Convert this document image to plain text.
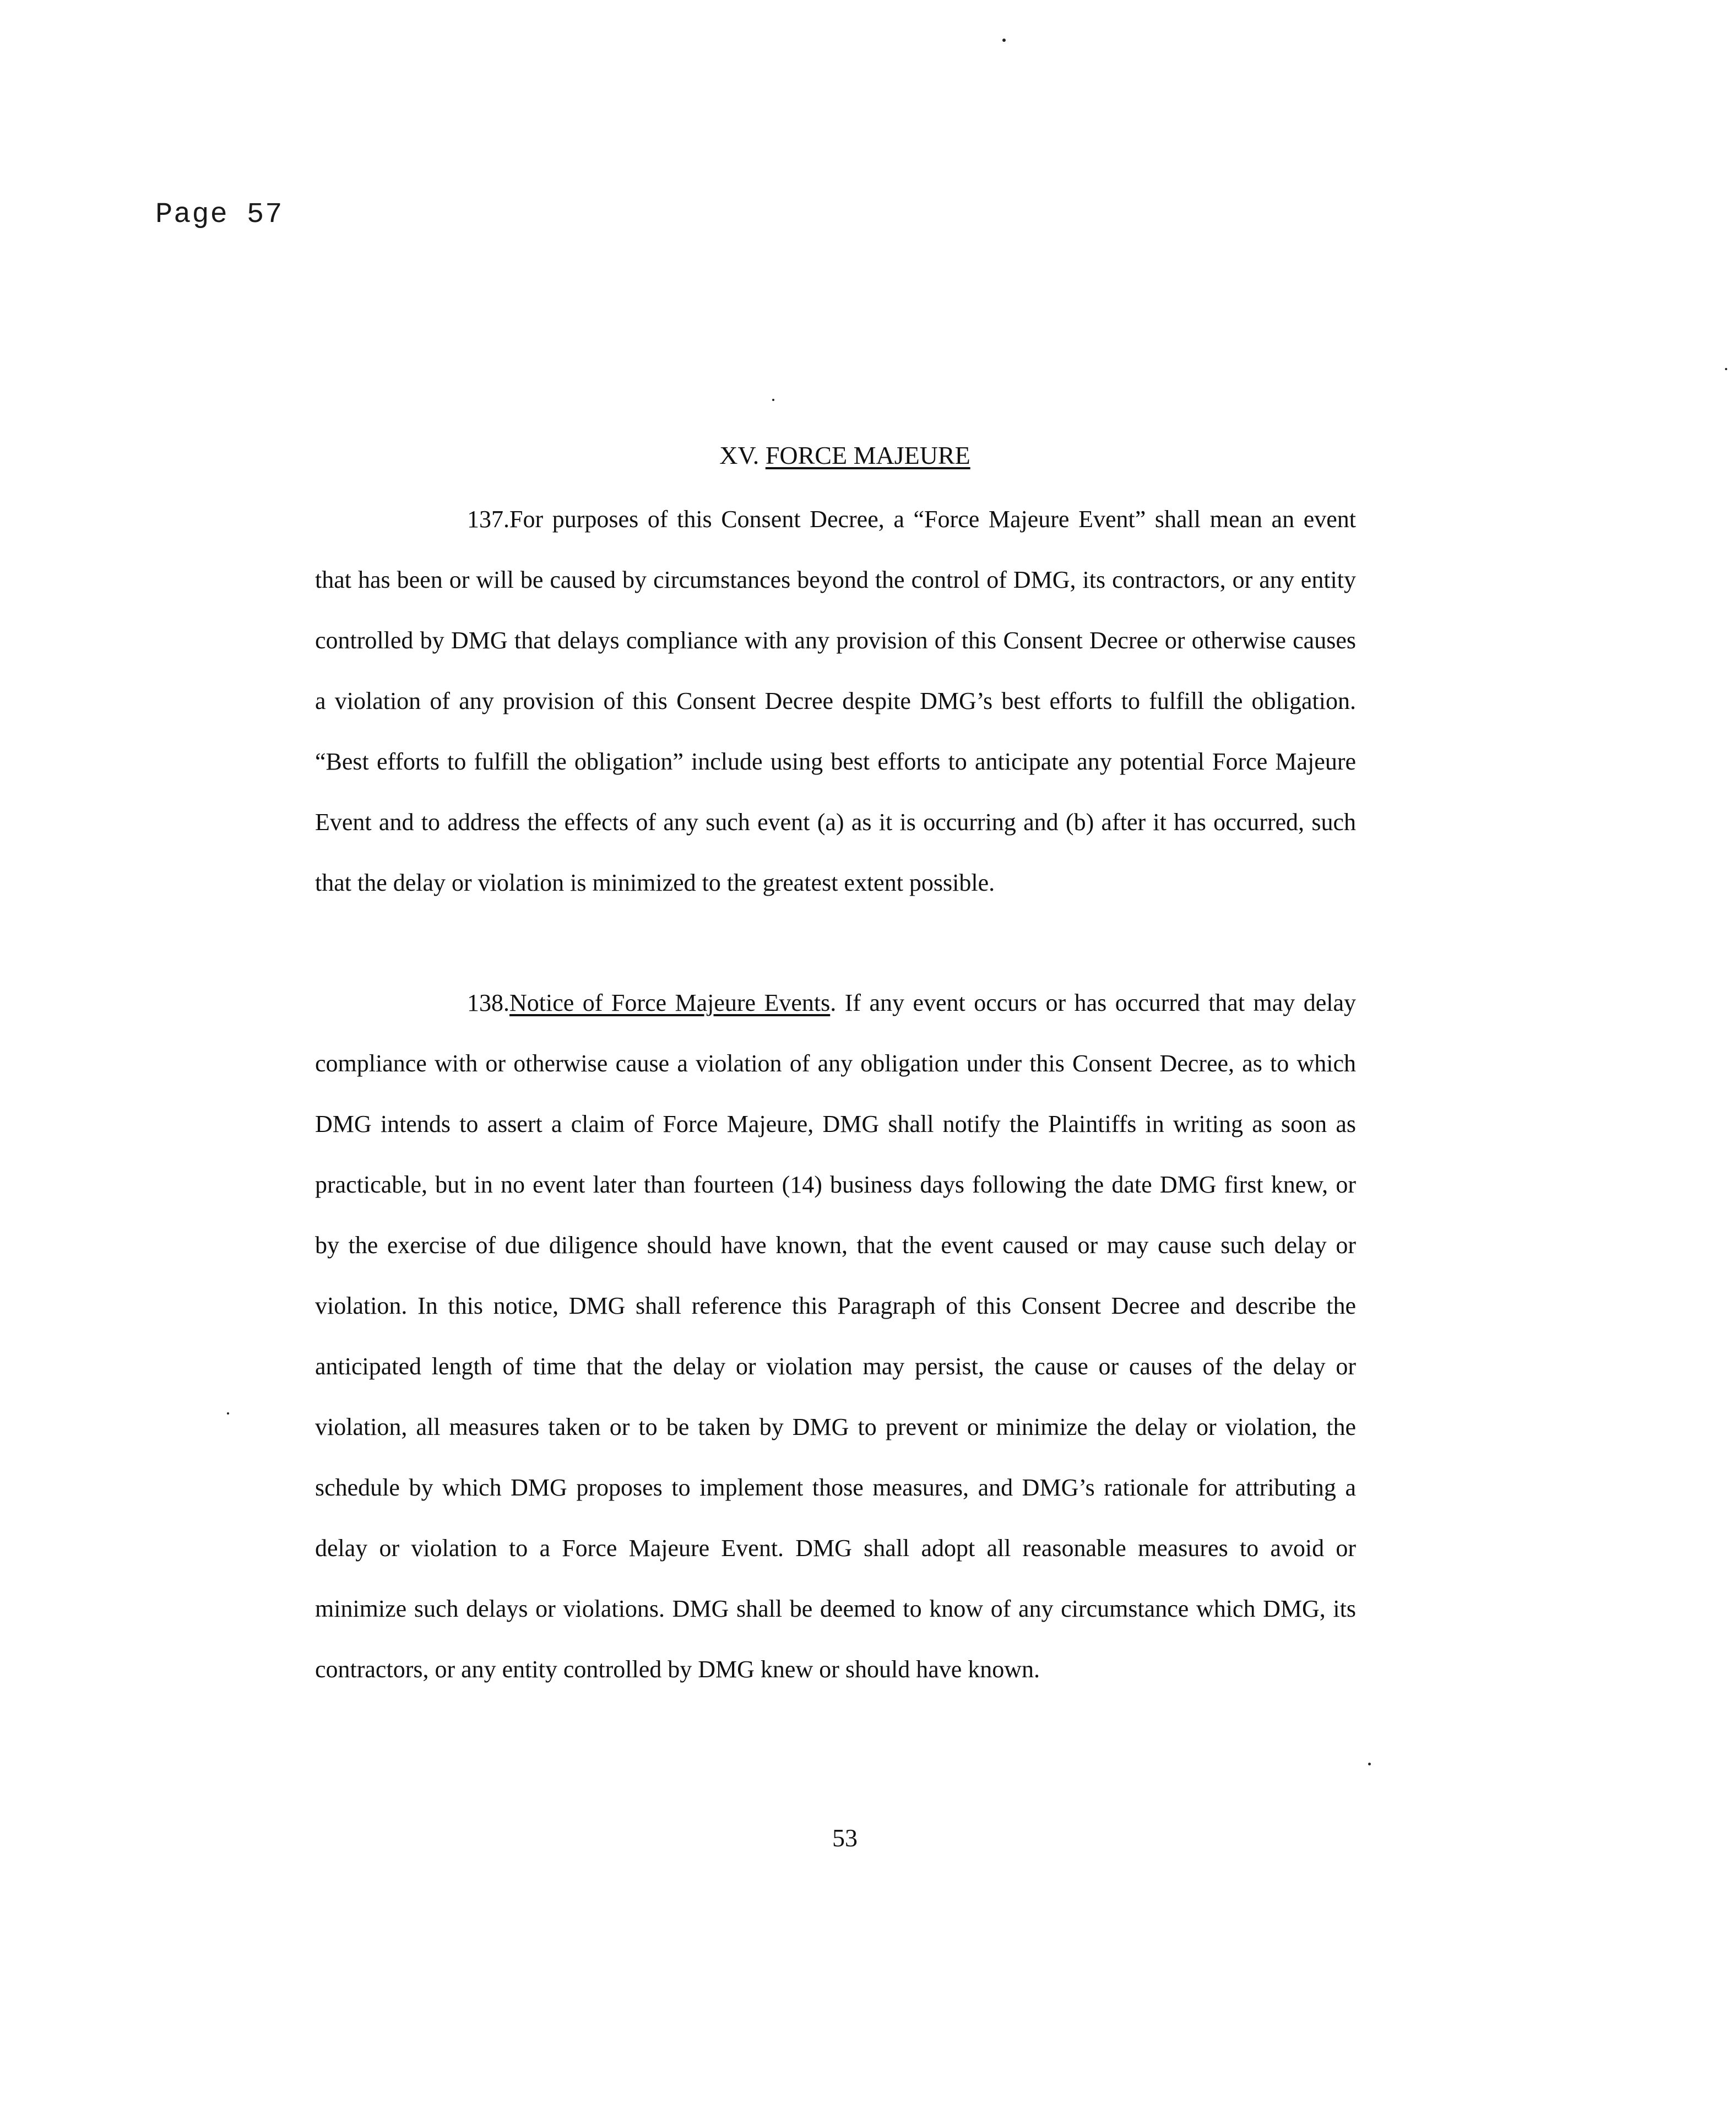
Page 57
XV. FORCE MAJEURE

137.For purposes of this Consent Decree, a “Force Majeure Event” shall mean an event that has been or will be caused by circumstances beyond the control of DMG, its contractors, or any entity controlled by DMG that delays compliance with any provision of this Consent Decree or otherwise causes a violation of any provision of this Consent Decree despite DMG’s best efforts to fulfill the obligation. “Best efforts to fulfill the obligation” include using best efforts to anticipate any potential Force Majeure Event and to address the effects of any such event (a) as it is occurring and (b) after it has occurred, such that the delay or violation is minimized to the greatest extent possible.

138.Notice of Force Majeure Events. If any event occurs or has occurred that may delay compliance with or otherwise cause a violation of any obligation under this Consent Decree, as to which DMG intends to assert a claim of Force Majeure, DMG shall notify the Plaintiffs in writing as soon as practicable, but in no event later than fourteen (14) business days following the date DMG first knew, or by the exercise of due diligence should have known, that the event caused or may cause such delay or violation. In this notice, DMG shall reference this Paragraph of this Consent Decree and describe the anticipated length of time that the delay or violation may persist, the cause or causes of the delay or violation, all measures taken or to be taken by DMG to prevent or minimize the delay or violation, the schedule by which DMG proposes to implement those measures, and DMG’s rationale for attributing a delay or violation to a Force Majeure Event. DMG shall adopt all reasonable measures to avoid or minimize such delays or violations. DMG shall be deemed to know of any circumstance which DMG, its contractors, or any entity controlled by DMG knew or should have known.

53
